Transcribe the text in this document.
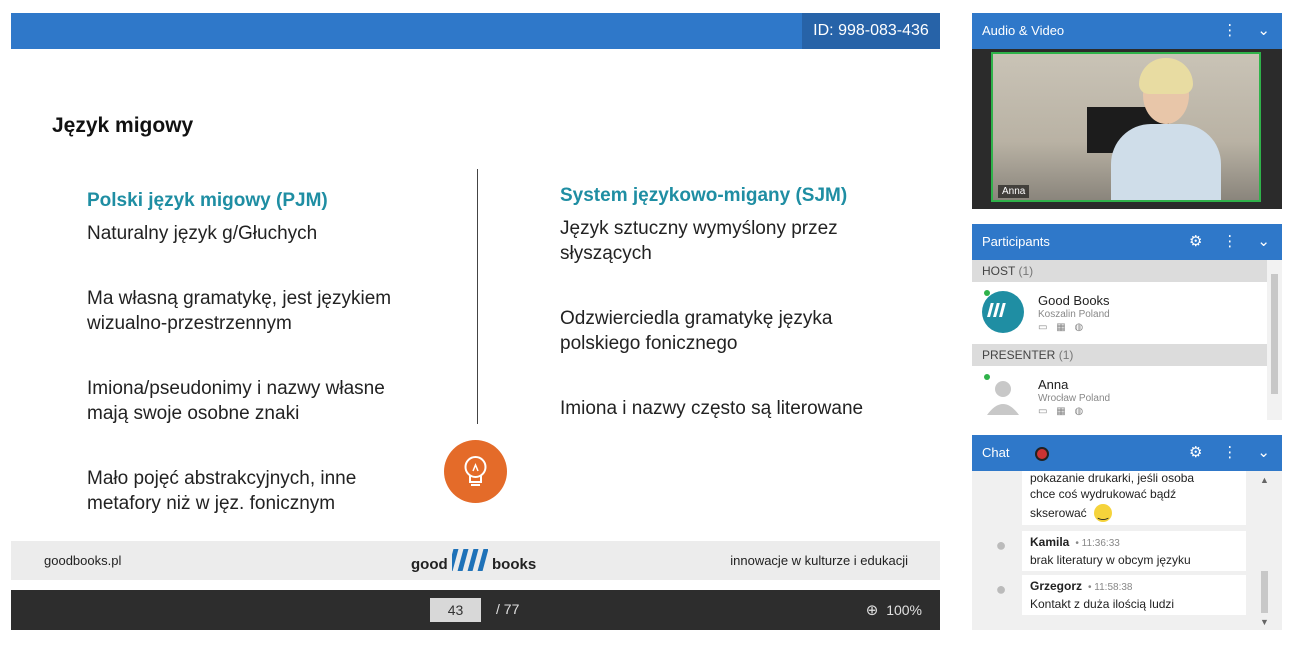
ID: 998-083-436
Język migowy
Polski język migowy (PJM)
Naturalny język g/Głuchych
Ma własną gramatykę, jest językiem wizualno-przestrzennym
Imiona/pseudonimy i nazwy własne mają swoje osobne znaki
Mało pojęć abstrakcyjnych, inne metafory niż w jęz. fonicznym
System językowo-migany (SJM)
Język sztuczny wymyślony przez słyszących
Odzwierciedla gramatykę języka polskiego fonicznego
Imiona i nazwy często są literowane
goodbooks.pl	good	books	innowacje w kulturze i edukacji
43	/ 77	⊕ 100%
Audio & Video	⋮ ⌄
Anna
Participants	⚙ ⋮ ⌄
HOST (1)
Good Books
Koszalin Poland
▭ ▦ ◍
PRESENTER (1)
Anna
Wrocław Poland
▭ ▦ ◍
Chat	⚙ ⋮ ⌄
pokazanie drukarki, jeśli osoba
chce coś wydrukować bądź
skserować ‿
●	Kamila • 11:36:33
brak literatury w obcym języku
●	Grzegorz • 11:58:38
Kontakt z duża ilością ludzi
▲
▼
